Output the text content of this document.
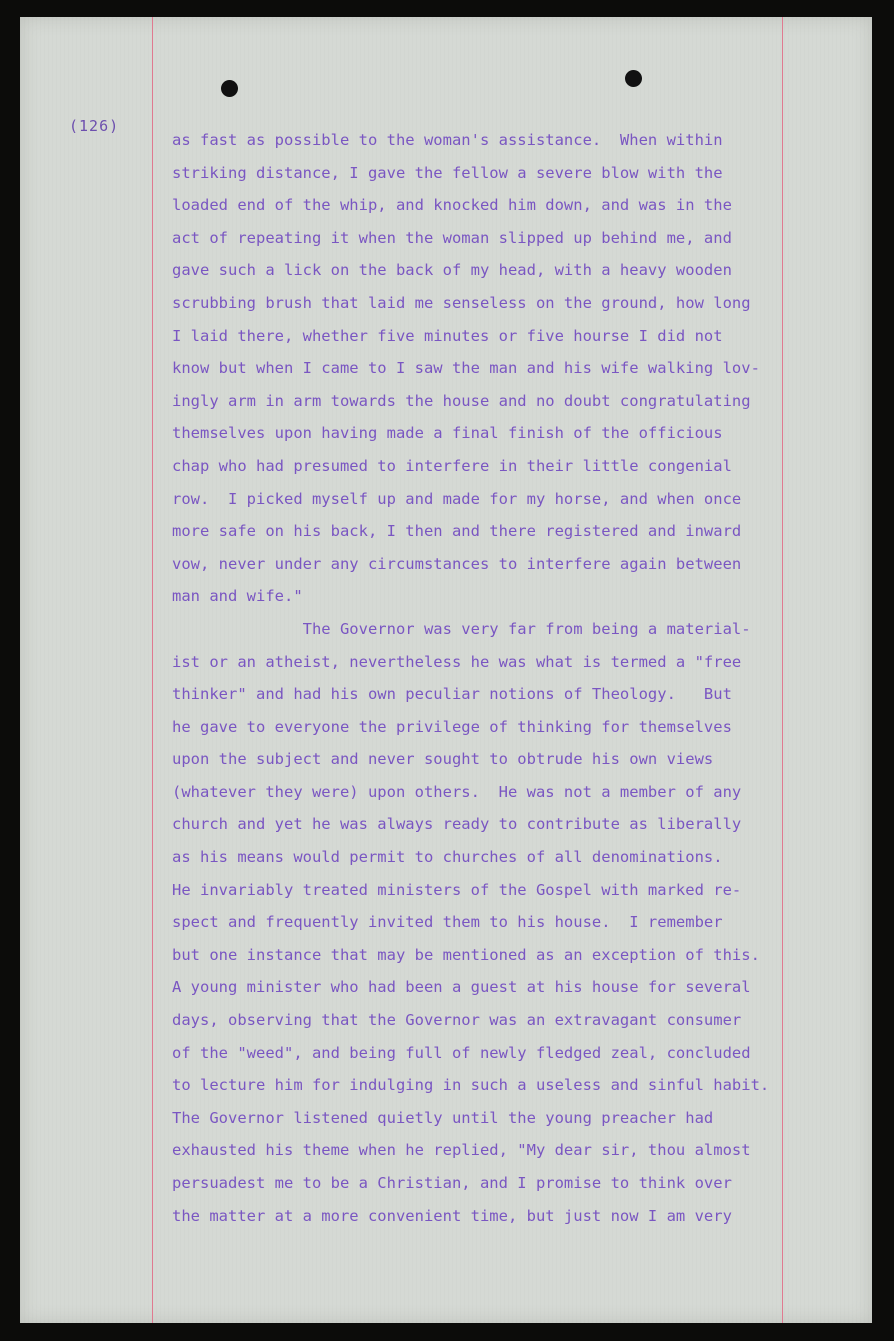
(126)
as fast as possible to the woman's assistance.  When within
striking distance, I gave the fellow a severe blow with the
loaded end of the whip, and knocked him down, and was in the
act of repeating it when the woman slipped up behind me, and
gave such a lick on the back of my head, with a heavy wooden
scrubbing brush that laid me senseless on the ground, how long
I laid there, whether five minutes or five hourse I did not
know but when I came to I saw the man and his wife walking lov-
ingly arm in arm towards the house and no doubt congratulating
themselves upon having made a final finish of the officious
chap who had presumed to interfere in their little congenial
row.  I picked myself up and made for my horse, and when once
more safe on his back, I then and there registered and inward
vow, never under any circumstances to interfere again between
man and wife."
The Governor was very far from being a material-
ist or an atheist, nevertheless he was what is termed a "free
thinker" and had his own peculiar notions of Theology.   But
he gave to everyone the privilege of thinking for themselves
upon the subject and never sought to obtrude his own views
(whatever they were) upon others.  He was not a member of any
church and yet he was always ready to contribute as liberally
as his means would permit to churches of all denominations.
He invariably treated ministers of the Gospel with marked re-
spect and frequently invited them to his house.  I remember
but one instance that may be mentioned as an exception of this.
A young minister who had been a guest at his house for several
days, observing that the Governor was an extravagant consumer
of the "weed", and being full of newly fledged zeal, concluded
to lecture him for indulging in such a useless and sinful habit.
The Governor listened quietly until the young preacher had
exhausted his theme when he replied, "My dear sir, thou almost
persuadest me to be a Christian, and I promise to think over
the matter at a more convenient time, but just now I am very
